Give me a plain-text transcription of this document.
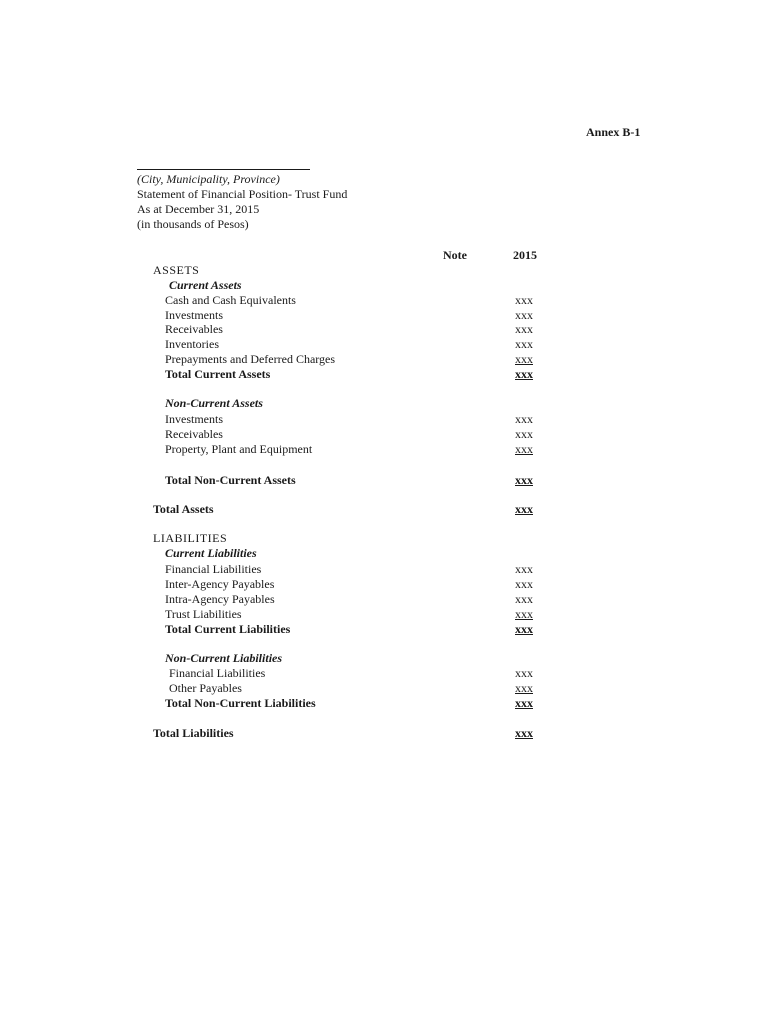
Annex B-1
(City, Municipality, Province)
Statement of Financial Position- Trust Fund
As at December 31, 2015
(in thousands of Pesos)
Note	2015
ASSETS
Current Assets
Cash and Cash Equivalents	xxx
Investments	xxx
Receivables	xxx
Inventories	xxx
Prepayments and Deferred Charges	xxx
Total Current Assets	xxx
Non-Current Assets
Investments	xxx
Receivables	xxx
Property, Plant and Equipment	xxx
Total Non-Current Assets	xxx
Total Assets	xxx
LIABILITIES
Current Liabilities
Financial Liabilities	xxx
Inter-Agency Payables	xxx
Intra-Agency Payables	xxx
Trust Liabilities	xxx
Total Current Liabilities	xxx
Non-Current Liabilities
Financial Liabilities	xxx
Other Payables	xxx
Total Non-Current Liabilities	xxx
Total Liabilities	xxx
